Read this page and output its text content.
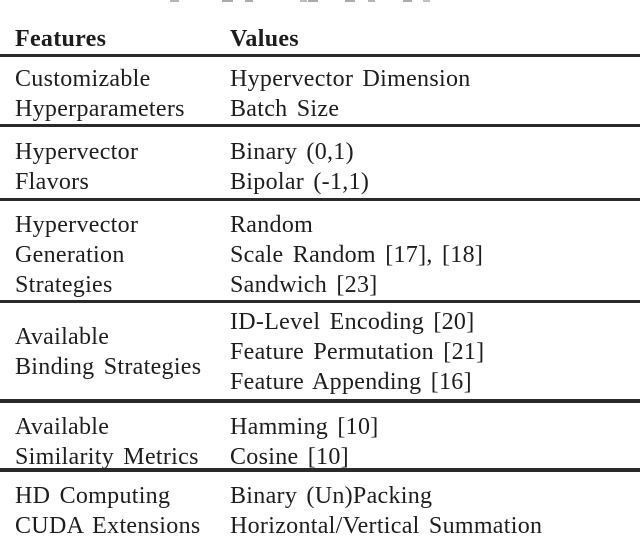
Features	Values
Customizable
Hyperparameters
Hypervector Dimension
Batch Size
Hypervector
Flavors
Binary (0,1)
Bipolar (-1,1)
Hypervector
Generation
Strategies
Random
Scale Random [17], [18]
Sandwich [23]
Available
Binding Strategies
ID-Level Encoding [20]
Feature Permutation [21]
Feature Appending [16]
Available
Similarity Metrics
Hamming [10]
Cosine [10]
HD Computing
CUDA Extensions
Binary (Un)Packing
Horizontal/Vertical Summation
